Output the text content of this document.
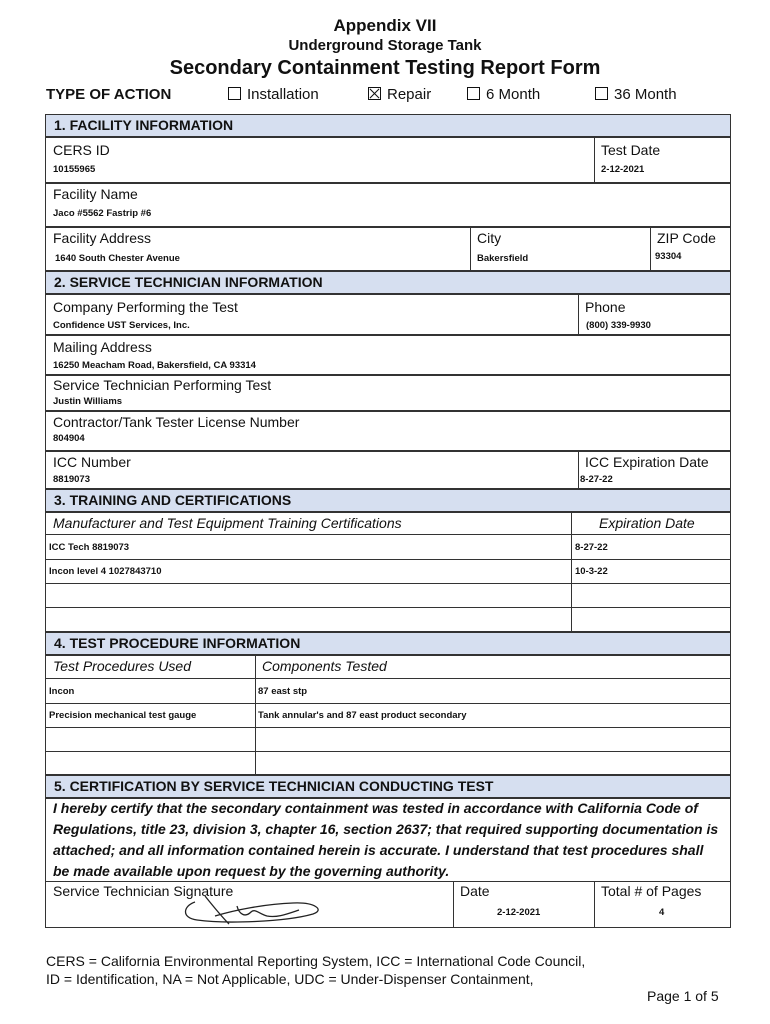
Appendix VII
Underground Storage Tank
Secondary Containment Testing Report Form
TYPE OF ACTION	Installation	Repair	6 Month	36 Month
1. FACILITY INFORMATION
CERS ID
10155965
Test Date
2-12-2021
Facility Name
Jaco #5562 Fastrip #6
Facility Address
1640 South Chester Avenue
City
Bakersfield
ZIP Code
93304
2. SERVICE TECHNICIAN INFORMATION
Company Performing the Test
Confidence UST Services, Inc.
Phone
(800) 339-9930
Mailing Address
16250 Meacham Road, Bakersfield, CA 93314
Service Technician Performing Test
Justin Williams
Contractor/Tank Tester License Number
804904
ICC Number
8819073
ICC Expiration Date
8-27-22
3. TRAINING AND CERTIFICATIONS
Manufacturer and Test Equipment Training Certifications	Expiration Date
ICC Tech 8819073	8-27-22
Incon level 4 1027843710	10-3-22
4. TEST PROCEDURE INFORMATION
Test Procedures Used	Components Tested
Incon	87 east stp
Precision mechanical test gauge	Tank annular's and 87 east product secondary
5. CERTIFICATION BY SERVICE TECHNICIAN CONDUCTING TEST
I hereby certify that the secondary containment was tested in accordance with California Code of Regulations, title 23, division 3, chapter 16, section 2637; that required supporting documentation is attached; and all information contained herein is accurate. I understand that test procedures shall be made available upon request by the governing authority.
Service Technician Signature	Date
2-12-2021
Total # of Pages
4
CERS = California Environmental Reporting System, ICC = International Code Council,
ID = Identification, NA = Not Applicable, UDC = Under-Dispenser Containment,
Page 1 of 5
